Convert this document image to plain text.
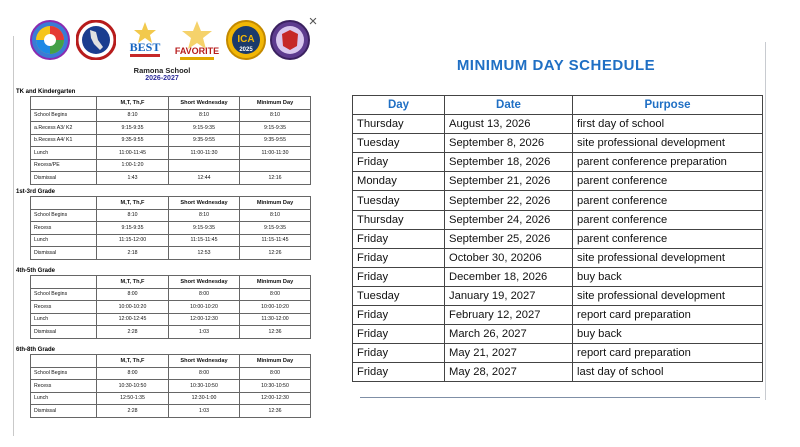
BEST FAVORITE
ICA
2025
×
Ramona School
2026-2027
TK and Kindergarten
	M,T, Th,F	Short Wednesday	Minimum Day
School Begins	8:10	8:10	8:10
a.Recess A3/ K2	9:15-9:35	9:15-9:35	9:15-9:35
b.Recess A4/ K1	9:35-9:55	9:35-9:55	9:35-9:55
Lunch	11:00-11:45	11:00-11:30	11:00-11:30
Recess/PE	1:00-1:20		
Dismissal	1:43	12:44	12:16
1st-3rd Grade
	M,T, Th,F	Short Wednesday	Minimum Day
School Begins	8:10	8:10	8:10
Recess	9:15-9:35	9:15-9:35	9:15-9:35
Lunch	11:15-12:00	11:15-11:45	11:15-11:45
Dismissal	2:18	12:53	12:26
4th-5th Grade
	M,T, Th,F	Short Wednesday	Minimum Day
School Begins	8:00	8:00	8:00
Recess	10:00-10:20	10:00-10:20	10:00-10:20
Lunch	12:00-12:45	12:00-12:30	11:30-12:00
Dismissal	2:28	1:03	12:36
6th-8th Grade
	M,T, Th,F	Short Wednesday	Minimum Day
School Begins	8:00	8:00	8:00
Recess	10:30-10:50	10:30-10:50	10:30-10:50
Lunch	12:50-1:35	12:30-1:00	12:00-12:30
Dismissal	2:28	1:03	12:36
MINIMUM DAY SCHEDULE
Day	Date	Purpose
Thursday	August 13, 2026	first day of school
Tuesday	September 8, 2026	site professional development
Friday	September 18, 2026	parent conference preparation
Monday	September 21, 2026	parent conference
Tuesday	September 22, 2026	parent conference
Thursday	September 24, 2026	parent conference
Friday	September 25, 2026	parent conference
Friday	October 30, 20206	site professional development
Friday	December 18, 2026	buy back
Tuesday	January 19, 2027	site professional development
Friday	February 12, 2027	report card preparation
Friday	March 26, 2027	buy back
Friday	May 21, 2027	report card preparation
Friday	May 28, 2027	last day of school
